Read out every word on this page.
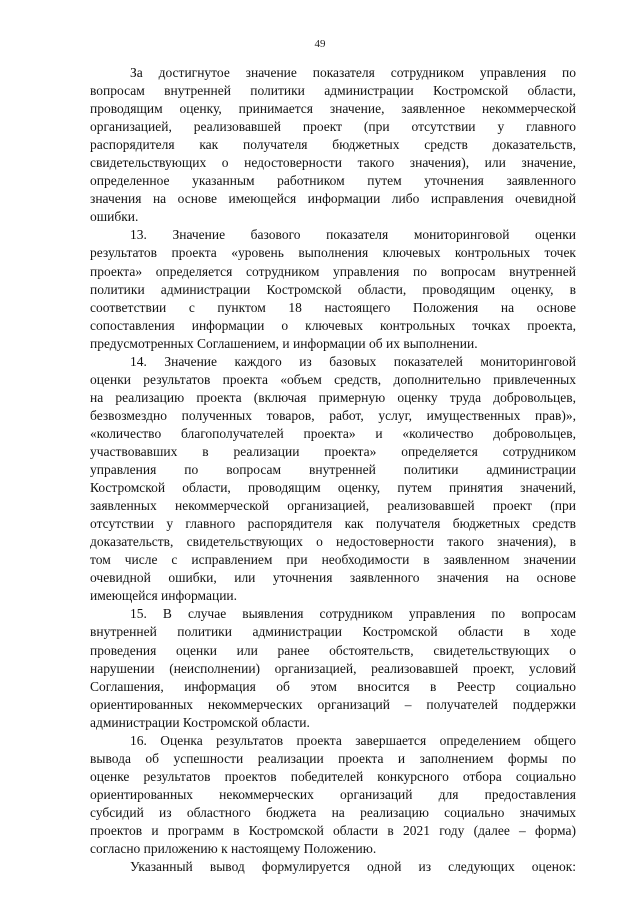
49
За достигнутое значение показателя сотрудником управления по
вопросам внутренней политики администрации Костромской области,
проводящим оценку, принимается значение, заявленное некоммерческой
организацией, реализовавшей проект (при отсутствии у главного
распорядителя как получателя бюджетных средств доказательств,
свидетельствующих о недостоверности такого значения), или значение,
определенное указанным работником путем уточнения заявленного
значения на основе имеющейся информации либо исправления очевидной
ошибки.
13. Значение базового показателя мониторинговой оценки
результатов проекта «уровень выполнения ключевых контрольных точек
проекта» определяется сотрудником управления по вопросам внутренней
политики администрации Костромской области, проводящим оценку, в
соответствии с пунктом 18 настоящего Положения на основе
сопоставления информации о ключевых контрольных точках проекта,
предусмотренных Соглашением, и информации об их выполнении.
14. Значение каждого из базовых показателей мониторинговой
оценки результатов проекта «объем средств, дополнительно привлеченных
на реализацию проекта (включая примерную оценку труда добровольцев,
безвозмездно полученных товаров, работ, услуг, имущественных прав)»,
«количество благополучателей проекта» и «количество добровольцев,
участвовавших в реализации проекта» определяется сотрудником
управления по вопросам внутренней политики администрации
Костромской области, проводящим оценку, путем принятия значений,
заявленных некоммерческой организацией, реализовавшей проект (при
отсутствии у главного распорядителя как получателя бюджетных средств
доказательств, свидетельствующих о недостоверности такого значения), в
том числе с исправлением при необходимости в заявленном значении
очевидной ошибки, или уточнения заявленного значения на основе
имеющейся информации.
15. В случае выявления сотрудником управления по вопросам
внутренней политики администрации Костромской области в ходе
проведения оценки или ранее обстоятельств, свидетельствующих о
нарушении (неисполнении) организацией, реализовавшей проект, условий
Соглашения, информация об этом вносится в Реестр социально
ориентированных некоммерческих организаций – получателей поддержки
администрации Костромской области.
16. Оценка результатов проекта завершается определением общего
вывода об успешности реализации проекта и заполнением формы по
оценке результатов проектов победителей конкурсного отбора социально
ориентированных некоммерческих организаций для предоставления
субсидий из областного бюджета на реализацию социально значимых
проектов и программ в Костромской области в 2021 году (далее – форма)
согласно приложению к настоящему Положению.
Указанный вывод формулируется одной из следующих оценок:
